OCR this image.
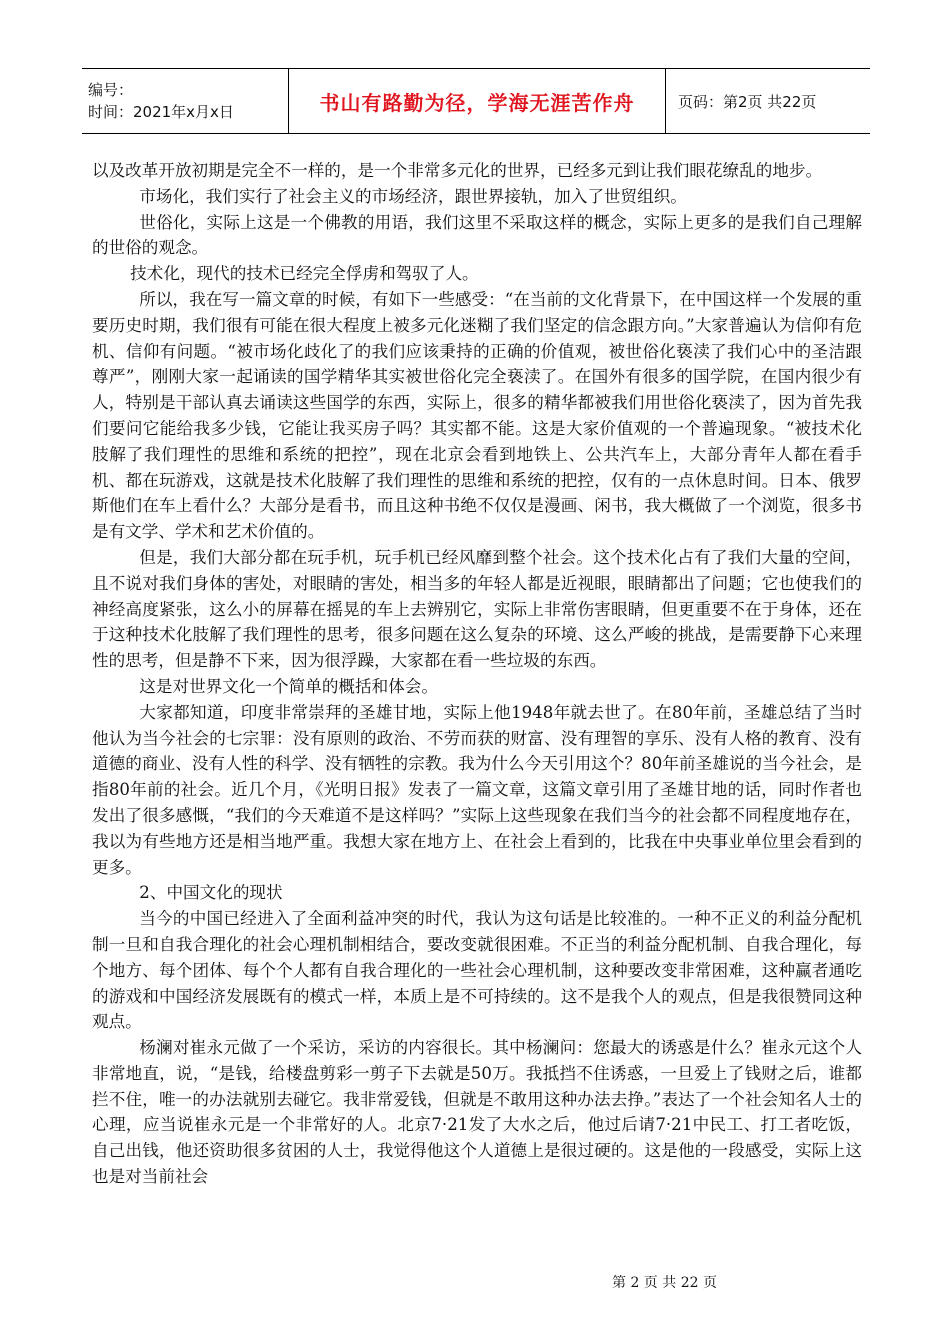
编号：
时间：2021年x月x日	书山有路勤为径，学海无涯苦作舟	页码：第2页 共22页

以及改革开放初期是完全不一样的，是一个非常多元化的世界，已经多元到让我们眼花缭乱的地步。

市场化，我们实行了社会主义的市场经济，跟世界接轨，加入了世贸组织。

世俗化，实际上这是一个佛教的用语，我们这里不采取这样的概念，实际上更多的是我们自己理解的世俗的观念。

技术化，现代的技术已经完全俘虏和驾驭了人。

所以，我在写一篇文章的时候，有如下一些感受：“在当前的文化背景下，在中国这样一个发展的重要历史时期，我们很有可能在很大程度上被多元化迷糊了我们坚定的信念跟方向。”大家普遍认为信仰有危机、信仰有问题。“被市场化歧化了的我们应该秉持的正确的价值观，被世俗化亵渎了我们心中的圣洁跟尊严”，刚刚大家一起诵读的国学精华其实被世俗化完全亵渎了。在国外有很多的国学院，在国内很少有人，特别是干部认真去诵读这些国学的东西，实际上，很多的精华都被我们用世俗化亵渎了，因为首先我们要问它能给我多少钱，它能让我买房子吗？其实都不能。这是大家价值观的一个普遍现象。“被技术化肢解了我们理性的思维和系统的把控”，现在北京会看到地铁上、公共汽车上，大部分青年人都在看手机、都在玩游戏，这就是技术化肢解了我们理性的思维和系统的把控，仅有的一点休息时间。日本、俄罗斯他们在车上看什么？大部分是看书，而且这种书绝不仅仅是漫画、闲书，我大概做了一个浏览，很多书是有文学、学术和艺术价值的。

但是，我们大部分都在玩手机，玩手机已经风靡到整个社会。这个技术化占有了我们大量的空间，且不说对我们身体的害处，对眼睛的害处，相当多的年轻人都是近视眼，眼睛都出了问题；它也使我们的神经高度紧张，这么小的屏幕在摇晃的车上去辨别它，实际上非常伤害眼睛，但更重要不在于身体，还在于这种技术化肢解了我们理性的思考，很多问题在这么复杂的环境、这么严峻的挑战，是需要静下心来理性的思考，但是静不下来，因为很浮躁，大家都在看一些垃圾的东西。

这是对世界文化一个简单的概括和体会。

大家都知道，印度非常崇拜的圣雄甘地，实际上他1948年就去世了。在80年前，圣雄总结了当时他认为当今社会的七宗罪：没有原则的政治、不劳而获的财富、没有理智的享乐、没有人格的教育、没有道德的商业、没有人性的科学、没有牺牲的宗教。我为什么今天引用这个？80年前圣雄说的当今社会，是指80年前的社会。近几个月，《光明日报》发表了一篇文章，这篇文章引用了圣雄甘地的话，同时作者也发出了很多感慨，“我们的今天难道不是这样吗？”实际上这些现象在我们当今的社会都不同程度地存在，我以为有些地方还是相当地严重。我想大家在地方上、在社会上看到的，比我在中央事业单位里会看到的更多。

2、中国文化的现状

当今的中国已经进入了全面利益冲突的时代，我认为这句话是比较准的。一种不正义的利益分配机制一旦和自我合理化的社会心理机制相结合，要改变就很困难。不正当的利益分配机制、自我合理化，每个地方、每个团体、每个个人都有自我合理化的一些社会心理机制，这种要改变非常困难，这种赢者通吃的游戏和中国经济发展既有的模式一样，本质上是不可持续的。这不是我个人的观点，但是我很赞同这种观点。

杨澜对崔永元做了一个采访，采访的内容很长。其中杨澜问：您最大的诱惑是什么？崔永元这个人非常地直，说，“是钱，给楼盘剪彩一剪子下去就是50万。我抵挡不住诱惑，一旦爱上了钱财之后，谁都拦不住，唯一的办法就别去碰它。我非常爱钱，但就是不敢用这种办法去挣。”表达了一个社会知名人士的心理，应当说崔永元是一个非常好的人。北京7·21发了大水之后，他过后请7·21中民工、打工者吃饭，自己出钱，他还资助很多贫困的人士，我觉得他这个人道德上是很过硬的。这是他的一段感受，实际上这也是对当前社会

第 2 页 共 22 页
